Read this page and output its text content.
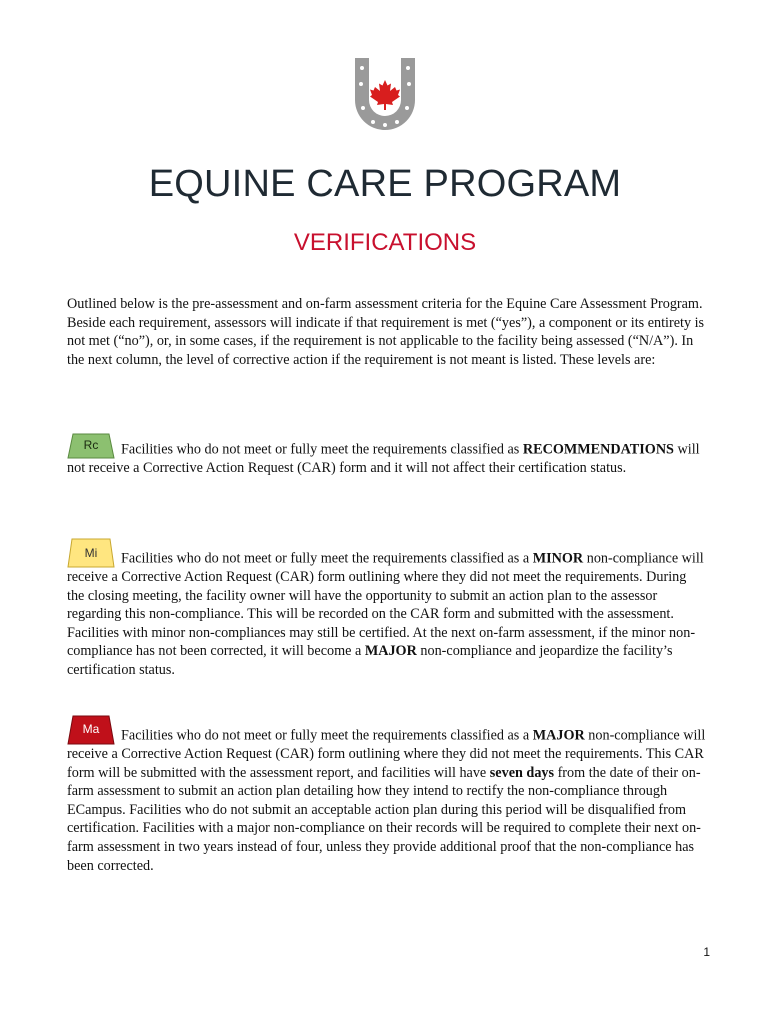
EQUINE CARE PROGRAM
VERIFICATIONS

Outlined below is the pre-assessment and on-farm assessment criteria for the Equine Care Assessment Program. Beside each requirement, assessors will indicate if that requirement is met (“yes”), a component or its entirety is not met (“no”), or, in some cases, if the requirement is not applicable to the facility being assessed (“N/A”). In the next column, the level of corrective action if the requirement is not meant is listed. These levels are:

Rc	Facilities who do not meet or fully meet the requirements classified as RECOMMENDATIONS will not receive a Corrective Action Request (CAR) form and it will not affect their certification status.

Mi	Facilities who do not meet or fully meet the requirements classified as a MINOR non-compliance will receive a Corrective Action Request (CAR) form outlining where they did not meet the requirements. During the closing meeting, the facility owner will have the opportunity to submit an action plan to the assessor regarding this non-compliance. This will be recorded on the CAR form and submitted with the assessment. Facilities with minor non-compliances may still be certified. At the next on-farm assessment, if the minor non-compliance has not been corrected, it will become a MAJOR non-compliance and jeopardize the facility’s certification status.

Ma	Facilities who do not meet or fully meet the requirements classified as a MAJOR non-compliance will receive a Corrective Action Request (CAR) form outlining where they did not meet the requirements. This CAR form will be submitted with the assessment report, and facilities will have seven days from the date of their on-farm assessment to submit an action plan detailing how they intend to rectify the non-compliance through ECampus. Facilities who do not submit an acceptable action plan during this period will be disqualified from certification. Facilities with a major non-compliance on their records will be required to complete their next on-farm assessment in two years instead of four, unless they provide additional proof that the non-compliance has been corrected.

1
